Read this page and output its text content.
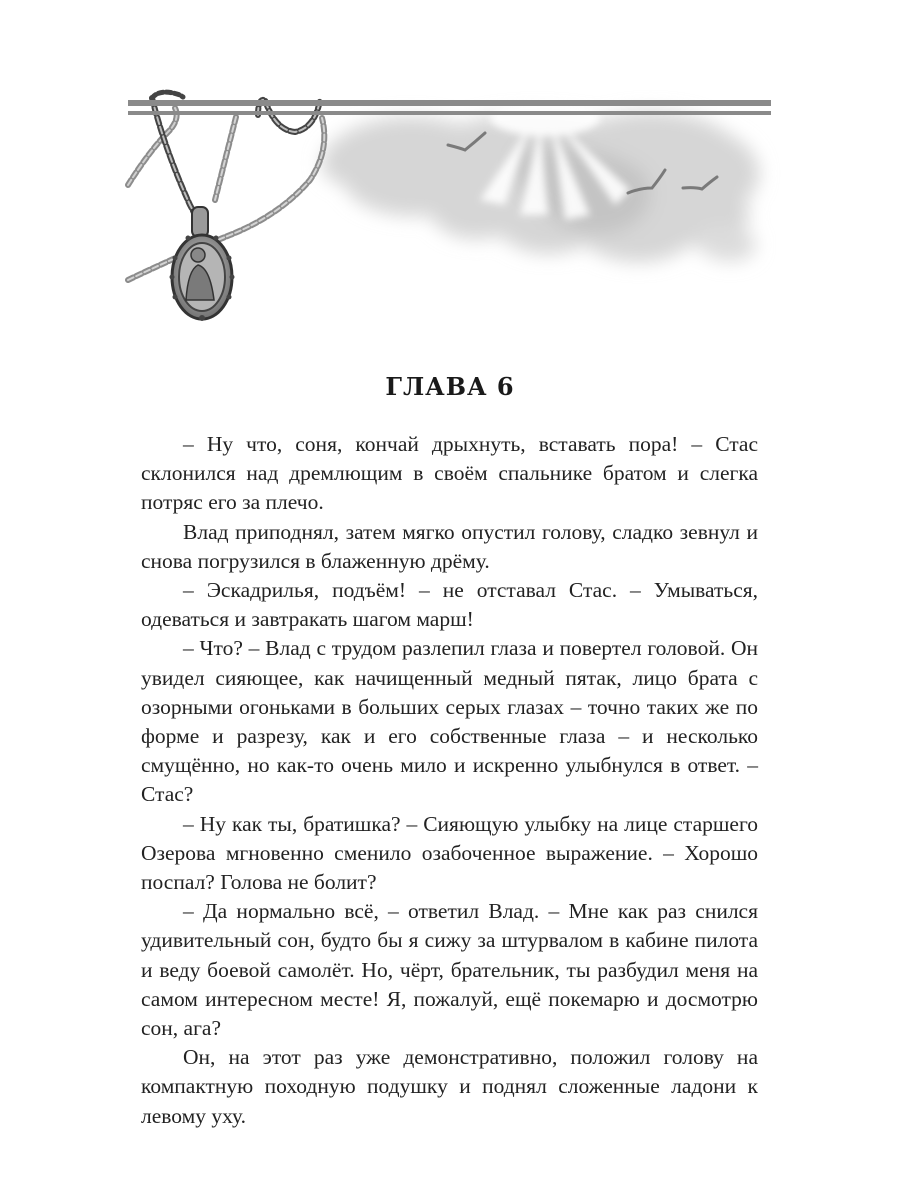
ГЛАВА 6

– Ну что, соня, кончай дрыхнуть, вставать пора! – Стас склонился над дремлющим в своём спальнике братом и слегка потряс его за плечо.

Влад приподнял, затем мягко опустил голову, сладко зевнул и снова погрузился в блаженную дрёму.

– Эскадрилья, подъём! – не отставал Стас. – Умываться, одеваться и завтракать шагом марш!

– Что? – Влад с трудом разлепил глаза и повертел головой. Он увидел сияющее, как начищенный медный пятак, лицо брата с озорными огоньками в больших серых глазах – точно таких же по форме и разрезу, как и его собственные глаза – и несколько смущённо, но как-то очень мило и искренно улыбнулся в ответ. – Стас?

– Ну как ты, братишка? – Сияющую улыбку на лице старшего Озерова мгновенно сменило озабоченное выражение. – Хорошо поспал? Голова не болит?

– Да нормально всё, – ответил Влад. – Мне как раз снился удивительный сон, будто бы я сижу за штурвалом в кабине пилота и веду боевой самолёт. Но, чёрт, брательник, ты разбудил меня на самом интересном месте! Я, пожалуй, ещё покемарю и досмотрю сон, ага?

Он, на этот раз уже демонстративно, положил голову на компактную походную подушку и поднял сложенные ладони к левому уху.
